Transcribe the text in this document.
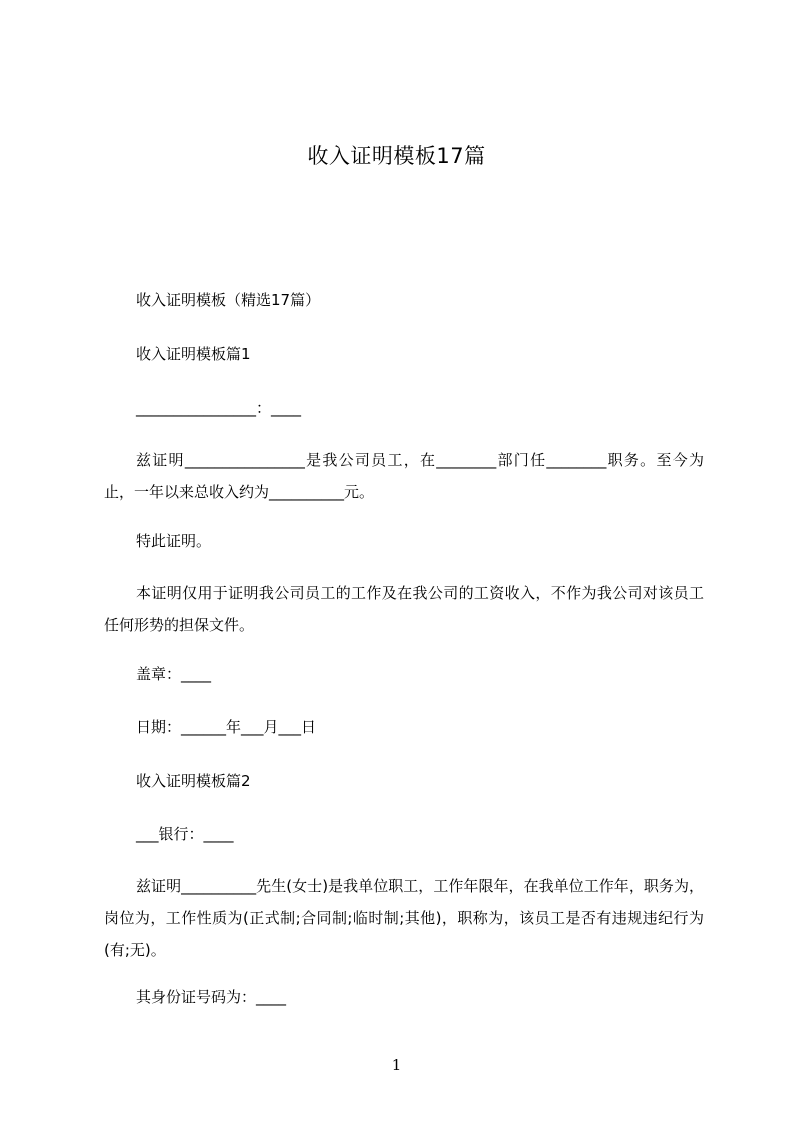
收入证明模板17篇

收入证明模板（精选17篇）

收入证明模板篇1

________________：____

兹证明________________是我公司员工，在________部门任________职务。至今为止，一年以来总收入约为__________元。

特此证明。

本证明仅用于证明我公司员工的工作及在我公司的工资收入，不作为我公司对该员工任何形势的担保文件。

盖章：____

日期：______年___月___日

收入证明模板篇2

___银行：____

兹证明__________先生(女士)是我单位职工，工作年限年，在我单位工作年，职务为，岗位为，工作性质为(正式制;合同制;临时制;其他)，职称为，该员工是否有违规违纪行为(有;无)。

其身份证号码为：____

1
